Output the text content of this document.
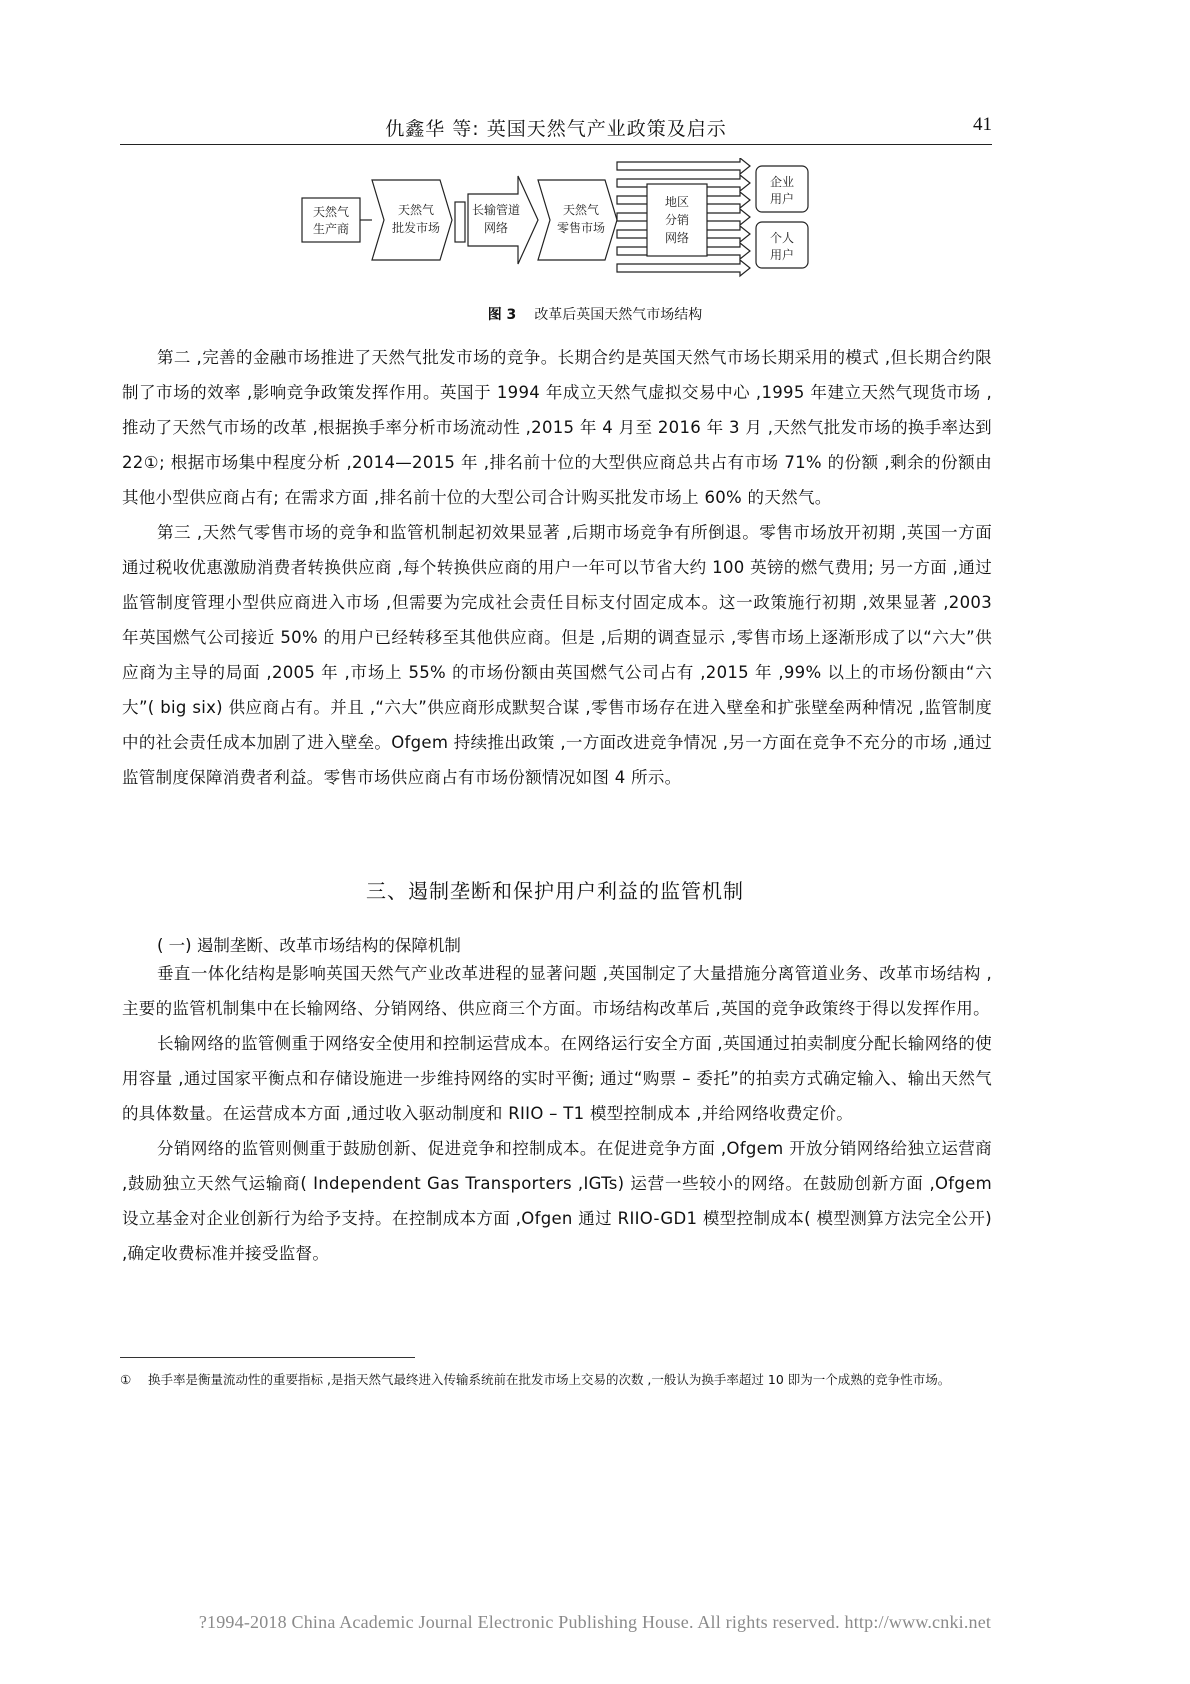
仇鑫华 等: 英国天然气产业政策及启示	41
天然气
生产商
天然气
批发市场
长输管道
网络
天然气
零售市场
地区
分销
网络
企业
用户
个人
用户
图 3 改革后英国天然气市场结构

第二 ,完善的金融市场推进了天然气批发市场的竞争。长期合约是英国天然气市场长期采用的模式 ,但长期合约限制了市场的效率 ,影响竞争政策发挥作用。英国于 1994 年成立天然气虚拟交易中心 ,1995 年建立天然气现货市场 ,推动了天然气市场的改革 ,根据换手率分析市场流动性 ,2015 年 4 月至 2016 年 3 月 ,天然气批发市场的换手率达到 22①; 根据市场集中程度分析 ,2014—2015 年 ,排名前十位的大型供应商总共占有市场 71% 的份额 ,剩余的份额由其他小型供应商占有; 在需求方面 ,排名前十位的大型公司合计购买批发市场上 60% 的天然气。

第三 ,天然气零售市场的竞争和监管机制起初效果显著 ,后期市场竞争有所倒退。零售市场放开初期 ,英国一方面通过税收优惠激励消费者转换供应商 ,每个转换供应商的用户一年可以节省大约 100 英镑的燃气费用; 另一方面 ,通过监管制度管理小型供应商进入市场 ,但需要为完成社会责任目标支付固定成本。这一政策施行初期 ,效果显著 ,2003 年英国燃气公司接近 50% 的用户已经转移至其他供应商。但是 ,后期的调查显示 ,零售市场上逐渐形成了以“六大”供应商为主导的局面 ,2005 年 ,市场上 55% 的市场份额由英国燃气公司占有 ,2015 年 ,99% 以上的市场份额由“六大”( big six) 供应商占有。并且 ,“六大”供应商形成默契合谋 ,零售市场存在进入壁垒和扩张壁垒两种情况 ,监管制度中的社会责任成本加剧了进入壁垒。Ofgem 持续推出政策 ,一方面改进竞争情况 ,另一方面在竞争不充分的市场 ,通过监管制度保障消费者利益。零售市场供应商占有市场份额情况如图 4 所示。

三、遏制垄断和保护用户利益的监管机制
( 一) 遏制垄断、改革市场结构的保障机制

垂直一体化结构是影响英国天然气产业改革进程的显著问题 ,英国制定了大量措施分离管道业务、改革市场结构 ,主要的监管机制集中在长输网络、分销网络、供应商三个方面。市场结构改革后 ,英国的竞争政策终于得以发挥作用。

长输网络的监管侧重于网络安全使用和控制运营成本。在网络运行安全方面 ,英国通过拍卖制度分配长输网络的使用容量 ,通过国家平衡点和存储设施进一步维持网络的实时平衡; 通过“购票 – 委托”的拍卖方式确定输入、输出天然气的具体数量。在运营成本方面 ,通过收入驱动制度和 RIIO – T1 模型控制成本 ,并给网络收费定价。

分销网络的监管则侧重于鼓励创新、促进竞争和控制成本。在促进竞争方面 ,Ofgem 开放分销网络给独立运营商 ,鼓励独立天然气运输商( Independent Gas Transporters ,IGTs) 运营一些较小的网络。在鼓励创新方面 ,Ofgem 设立基金对企业创新行为给予支持。在控制成本方面 ,Ofgen 通过 RIIO-GD1 模型控制成本( 模型测算方法完全公开) ,确定收费标准并接受监督。

① 换手率是衡量流动性的重要指标 ,是指天然气最终进入传输系统前在批发市场上交易的次数 ,一般认为换手率超过 10 即为一个成熟的竞争性市场。
?1994-2018 China Academic Journal Electronic Publishing House. All rights reserved. http://www.cnki.net
